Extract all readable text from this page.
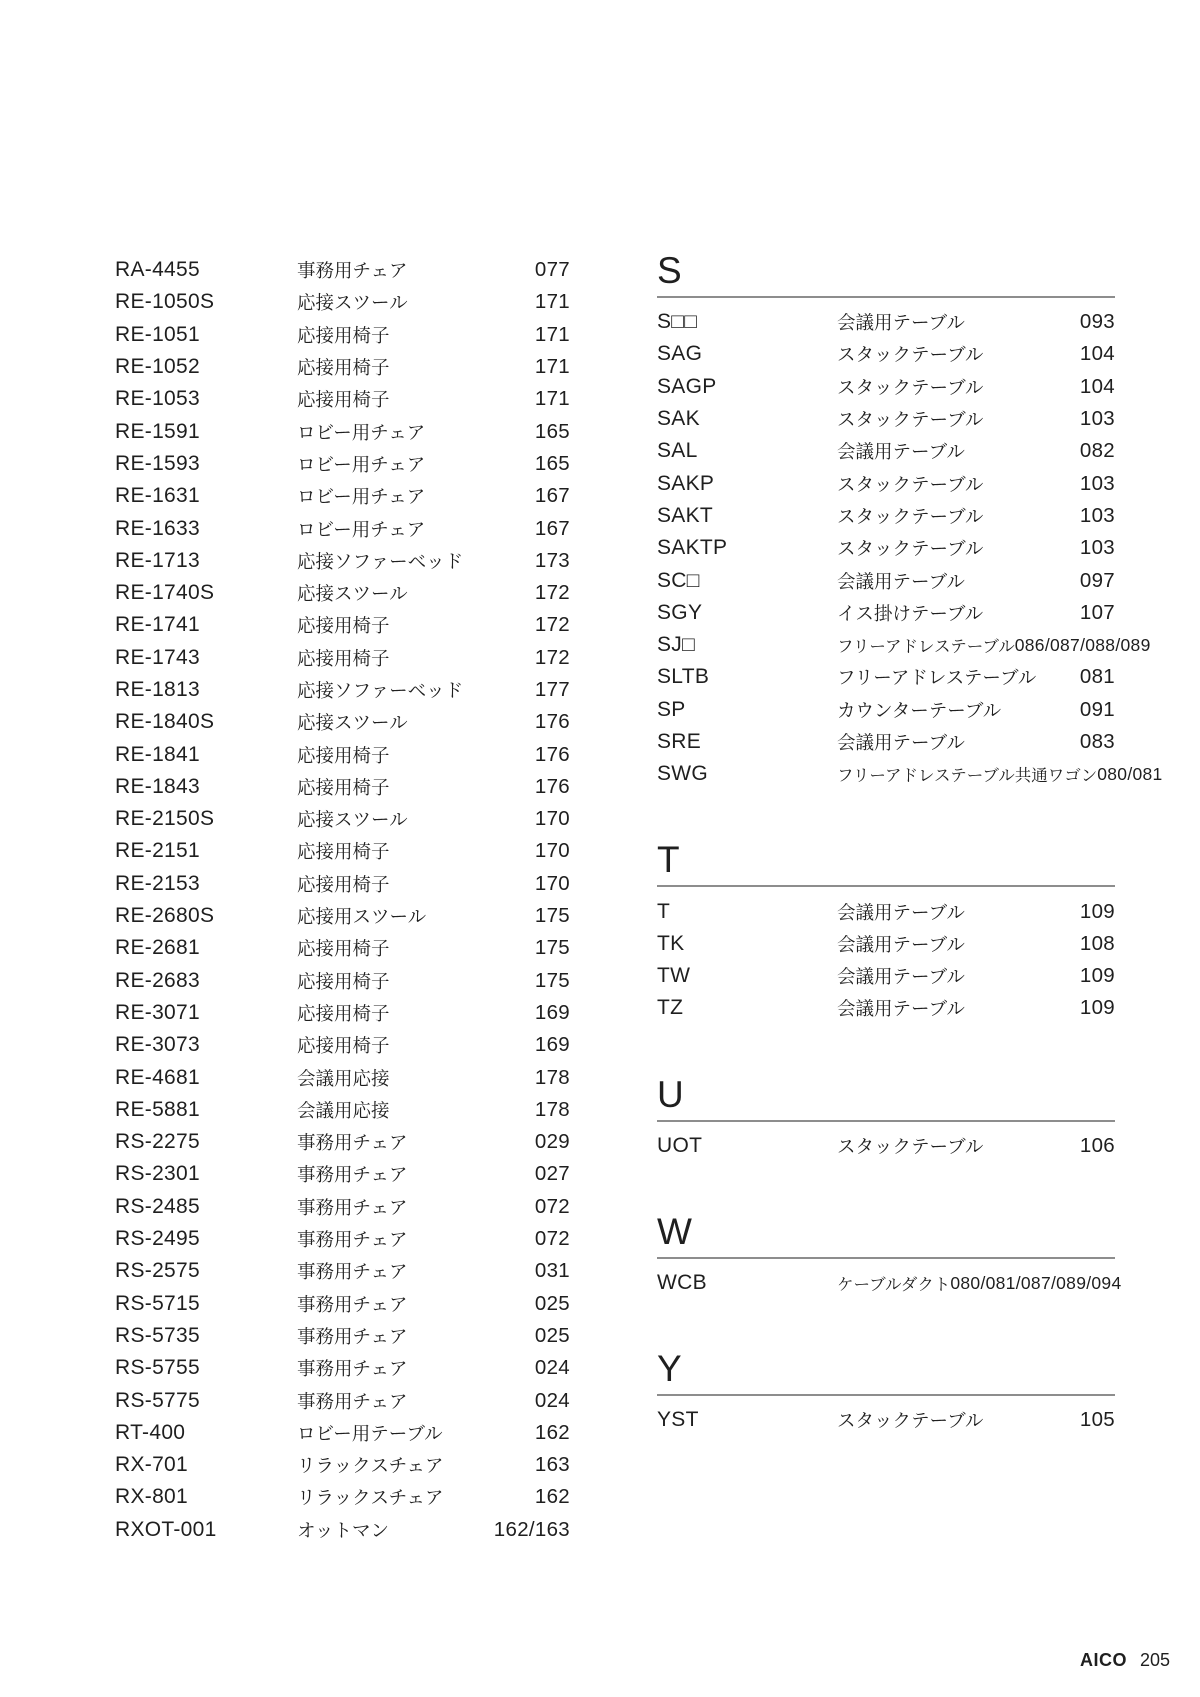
RA-4455	事務用チェア	077
RE-1050S	応接スツール	171
RE-1051	応接用椅子	171
RE-1052	応接用椅子	171
RE-1053	応接用椅子	171
RE-1591	ロビー用チェア	165
RE-1593	ロビー用チェア	165
RE-1631	ロビー用チェア	167
RE-1633	ロビー用チェア	167
RE-1713	応接ソファーベッド	173
RE-1740S	応接スツール	172
RE-1741	応接用椅子	172
RE-1743	応接用椅子	172
RE-1813	応接ソファーベッド	177
RE-1840S	応接スツール	176
RE-1841	応接用椅子	176
RE-1843	応接用椅子	176
RE-2150S	応接スツール	170
RE-2151	応接用椅子	170
RE-2153	応接用椅子	170
RE-2680S	応接用スツール	175
RE-2681	応接用椅子	175
RE-2683	応接用椅子	175
RE-3071	応接用椅子	169
RE-3073	応接用椅子	169
RE-4681	会議用応接	178
RE-5881	会議用応接	178
RS-2275	事務用チェア	029
RS-2301	事務用チェア	027
RS-2485	事務用チェア	072
RS-2495	事務用チェア	072
RS-2575	事務用チェア	031
RS-5715	事務用チェア	025
RS-5735	事務用チェア	025
RS-5755	事務用チェア	024
RS-5775	事務用チェア	024
RT-400	ロビー用テーブル	162
RX-701	リラックスチェア	163
RX-801	リラックスチェア	162
RXOT-001	オットマン	162/163
S
S□□	会議用テーブル	093
SAG	スタックテーブル	104
SAGP	スタックテーブル	104
SAK	スタックテーブル	103
SAL	会議用テーブル	082
SAKP	スタックテーブル	103
SAKT	スタックテーブル	103
SAKTP	スタックテーブル	103
SC□	会議用テーブル	097
SGY	イス掛けテーブル	107
SJ□	フリーアドレステーブル 086/087/088/089
SLTB	フリーアドレステーブル	081
SP	カウンターテーブル	091
SRE	会議用テーブル	083
SWG	フリーアドレステーブル共通ワゴン 080/081
T
T	会議用テーブル	109
TK	会議用テーブル	108
TW	会議用テーブル	109
TZ	会議用テーブル	109
U
UOT	スタックテーブル	106
W
WCB	ケーブルダクト 080/081/087/089/094
Y
YST	スタックテーブル	105
AICO 205
